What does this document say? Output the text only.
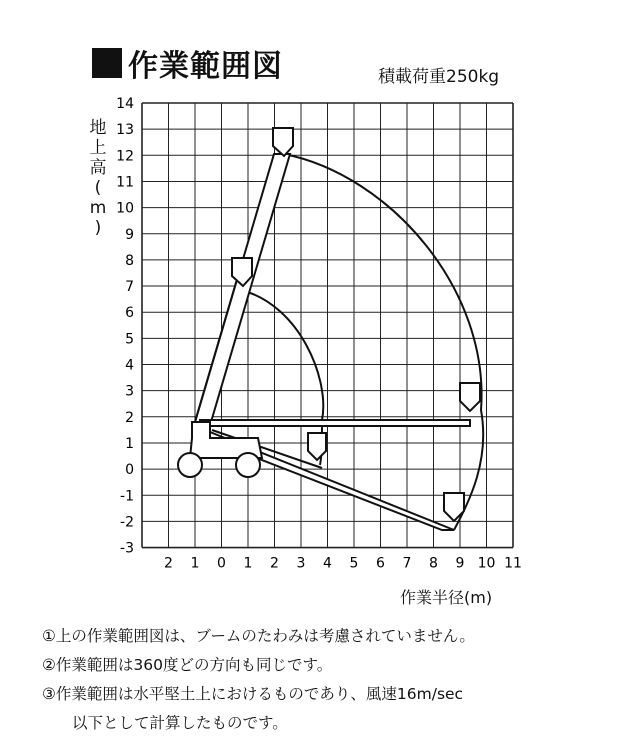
作業範囲図	積載荷重250kg
地
上
高
(
m
)
14
13
12
11
10
9
8
7
6
5
4
3
2
1
0
-1
-2
-3
2 1 0 1 2 3 4 5 6 7 8 9 10 11
作業半径(m)
①上の作業範囲図は、ブームのたわみは考慮されていません。
②作業範囲は360度どの方向も同じです。
③作業範囲は水平堅土上におけるものであり、風速16m/sec
以下として計算したものです。
